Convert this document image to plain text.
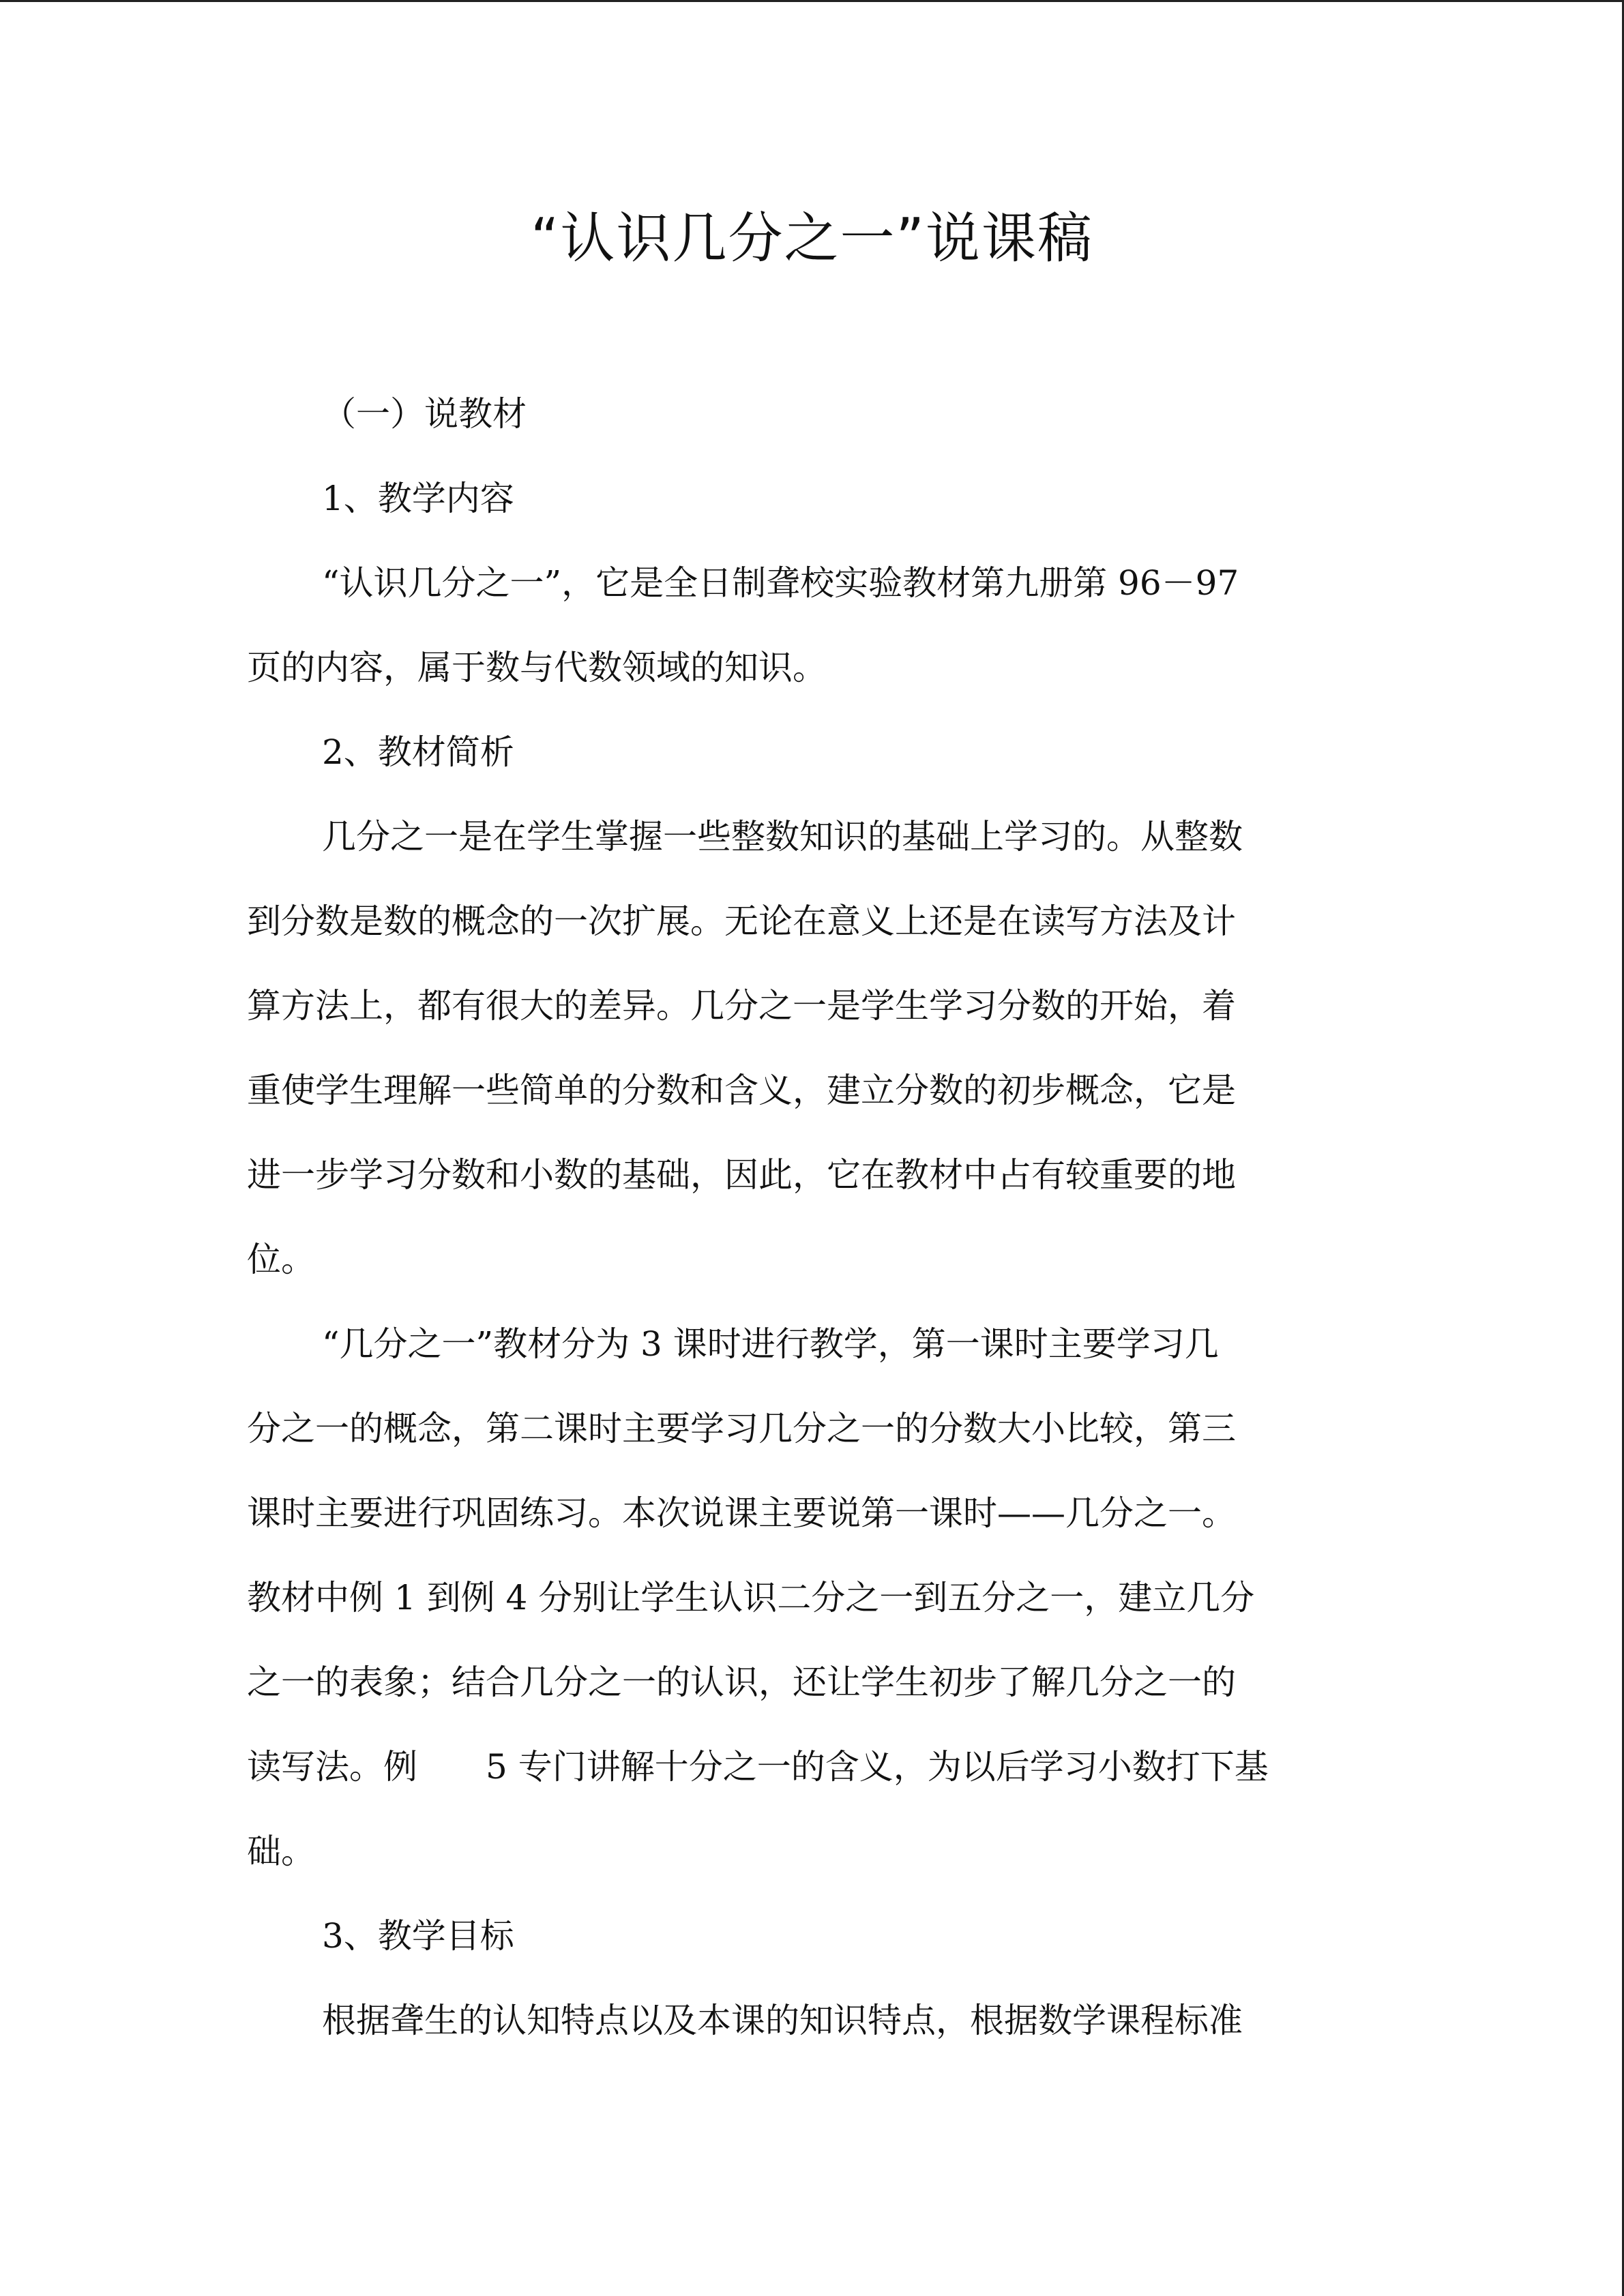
“认识几分之一”说课稿
（一）说教材
1、教学内容
“认识几分之一”，它是全日制聋校实验教材第九册第 96－97
页的内容，属于数与代数领域的知识。
2、教材简析
几分之一是在学生掌握一些整数知识的基础上学习的。从整数
到分数是数的概念的一次扩展。无论在意义上还是在读写方法及计
算方法上，都有很大的差异。几分之一是学生学习分数的开始，着
重使学生理解一些简单的分数和含义，建立分数的初步概念，它是
进一步学习分数和小数的基础，因此，它在教材中占有较重要的地
位。
“几分之一”教材分为 3 课时进行教学，第一课时主要学习几
分之一的概念，第二课时主要学习几分之一的分数大小比较，第三
课时主要进行巩固练习。本次说课主要说第一课时——几分之一。
教材中例 1 到例 4 分别让学生认识二分之一到五分之一，建立几分
之一的表象；结合几分之一的认识，还让学生初步了解几分之一的
读写法。例 5 专门讲解十分之一的含义，为以后学习小数打下基
础。
3、教学目标
根据聋生的认知特点以及本课的知识特点，根据数学课程标准
